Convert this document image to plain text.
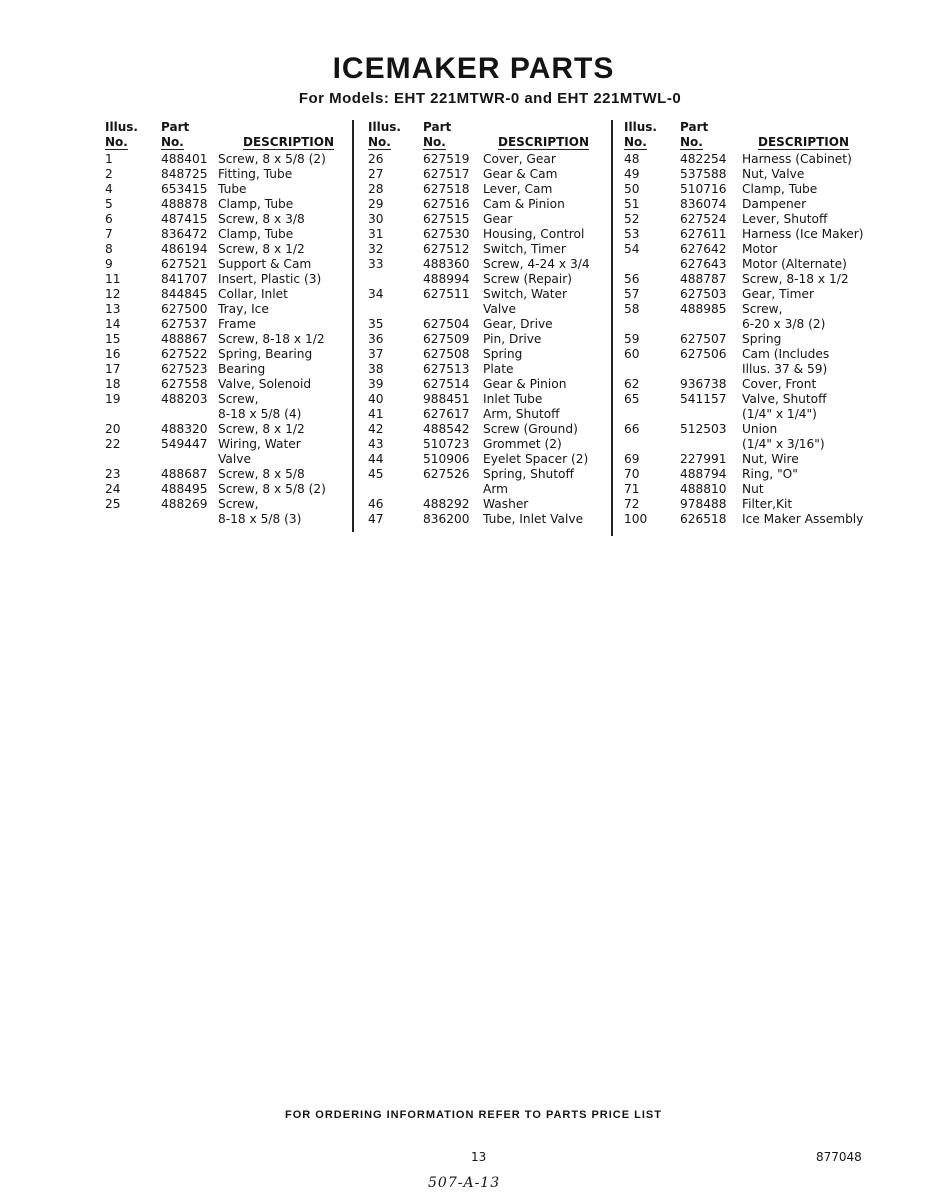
ICEMAKER PARTS
For Models: EHT 221MTWR-0 and EHT 221MTWL-0
Illus.
No.
Part
No.	DESCRIPTION
1	488401 Screw, 8 x 5/8 (2)
2	848725 Fitting, Tube
4	653415 Tube
5	488878 Clamp, Tube
6	487415 Screw, 8 x 3/8
7	836472 Clamp, Tube
8	486194 Screw, 8 x 1/2
9	627521 Support & Cam
11	841707 Insert, Plastic (3)
12	844845 Collar, Inlet
13	627500 Tray, Ice
14	627537 Frame
15	488867 Screw, 8-18 x 1/2
16	627522 Spring, Bearing
17	627523 Bearing
18	627558 Valve, Solenoid
19	488203 Screw,
8-18 x 5/8 (4)
20	488320 Screw, 8 x 1/2
22	549447 Wiring, Water
Valve
23	488687 Screw, 8 x 5/8
24	488495 Screw, 8 x 5/8 (2)
25	488269 Screw,
8-18 x 5/8 (3)
Illus.
No.
Part
No.	DESCRIPTION
26	627519 Cover, Gear
27	627517 Gear & Cam
28	627518 Lever, Cam
29	627516 Cam & Pinion
30	627515 Gear
31	627530 Housing, Control
32	627512 Switch, Timer
33	488360 Screw, 4-24 x 3/4
488994 Screw (Repair)
34	627511 Switch, Water
Valve
35	627504 Gear, Drive
36	627509 Pin, Drive
37	627508 Spring
38	627513 Plate
39	627514 Gear & Pinion
40	988451 Inlet Tube
41	627617 Arm, Shutoff
42	488542 Screw (Ground)
43	510723 Grommet (2)
44	510906 Eyelet Spacer (2)
45	627526 Spring, Shutoff
Arm
46	488292 Washer
47	836200 Tube, Inlet Valve
Illus.
No.
Part
No.	DESCRIPTION
48	482254 Harness (Cabinet)
49	537588 Nut, Valve
50	510716 Clamp, Tube
51	836074 Dampener
52	627524 Lever, Shutoff
53	627611 Harness (Ice Maker)
54	627642 Motor
627643 Motor (Alternate)
56	488787 Screw, 8-18 x 1/2
57	627503 Gear, Timer
58	488985 Screw,
6-20 x 3/8 (2)
59	627507 Spring
60	627506 Cam (Includes
Illus. 37 & 59)
62	936738 Cover, Front
65	541157 Valve, Shutoff
(1/4" x 1/4")
66	512503 Union
(1/4" x 3/16")
69	227991 Nut, Wire
70	488794 Ring, "O"
71	488810 Nut
72	978488 Filter,Kit
100	626518 Ice Maker Assembly
FOR ORDERING INFORMATION REFER TO PARTS PRICE LIST
13	877048
507-A-13
